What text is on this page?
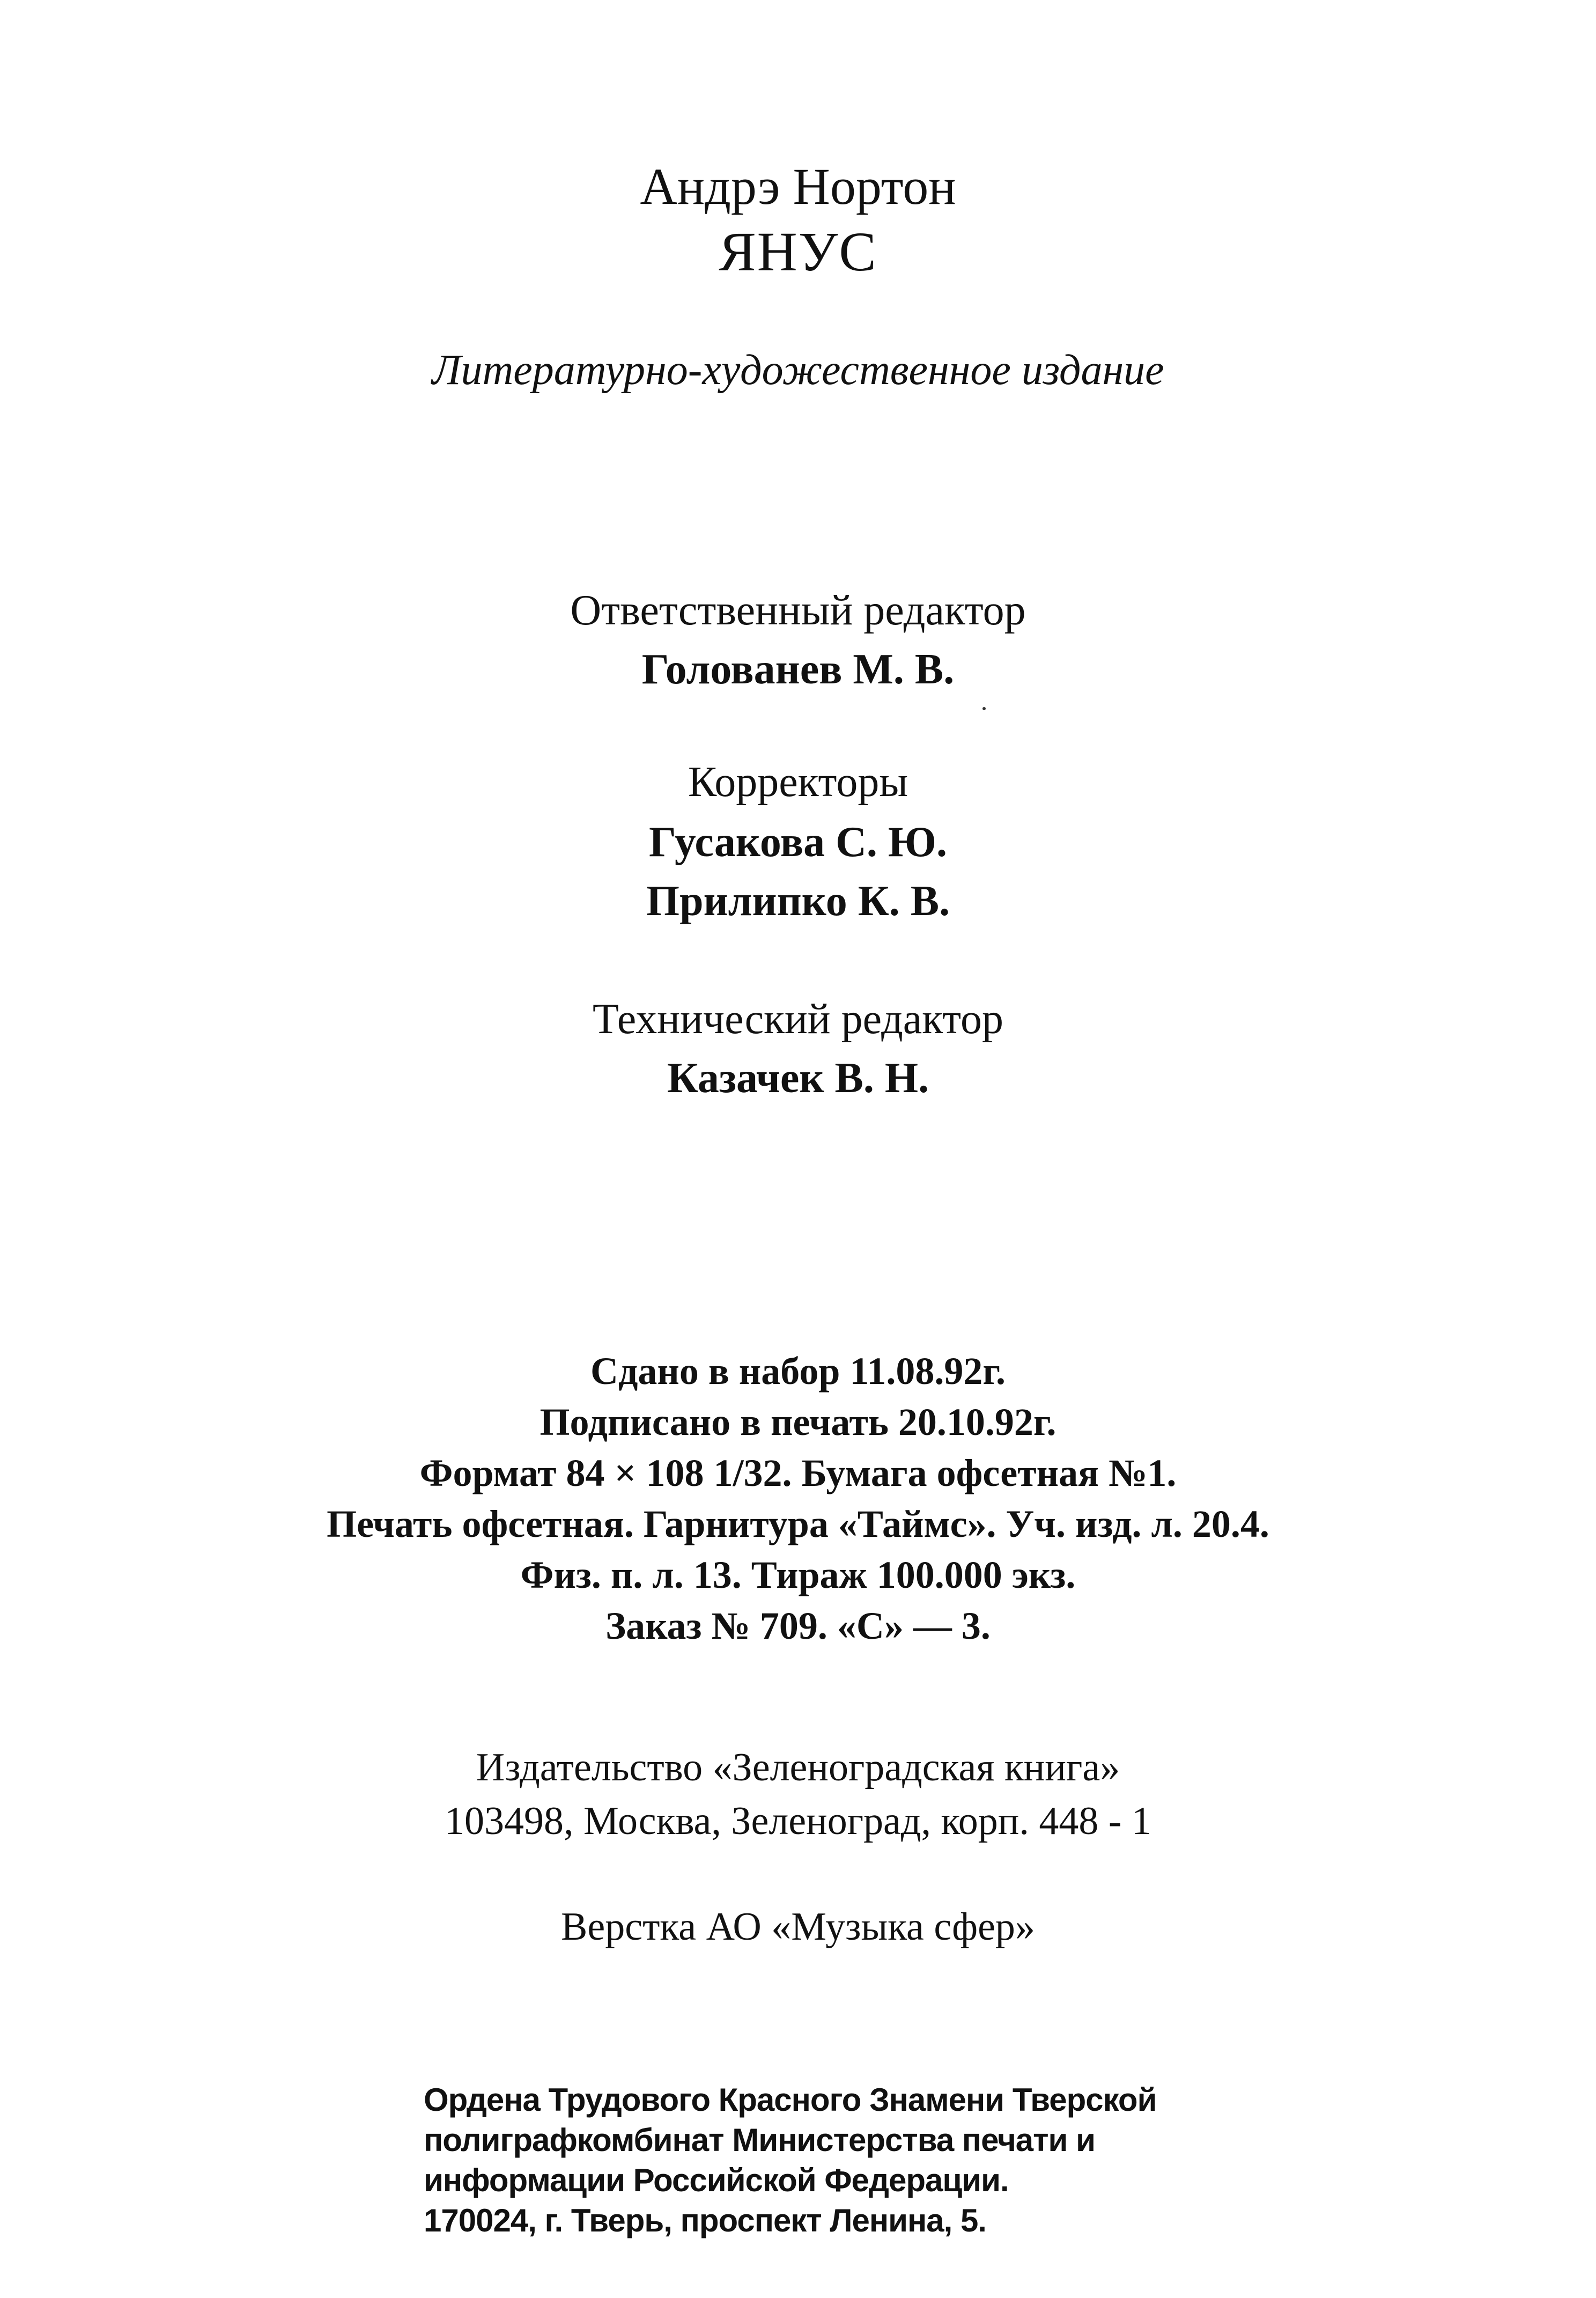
Андрэ Нортон
ЯНУС
Литературно-художественное издание
Ответственный редактор
Голованев М. В.
Корректоры
Гусакова С. Ю.
Прилипко К. В.
Технический редактор
Казачек В. Н.
Сдано в набор 11.08.92г.
Подписано в печать 20.10.92г.
Формат 84 × 108 1/32. Бумага офсетная №1.
Печать офсетная. Гарнитура «Таймс». Уч. изд. л. 20.4.
Физ. п. л. 13. Тираж 100.000 экз.
Заказ № 709. «С» — 3.
Издательство «Зеленоградская книга»
103498, Москва, Зеленоград, корп. 448 - 1
Верстка АО «Музыка сфер»
Ордена Трудового Красного Знамени Тверской
полиграфкомбинат Министерства печати и
информации Российской Федерации.
170024, г. Тверь, проспект Ленина, 5.
